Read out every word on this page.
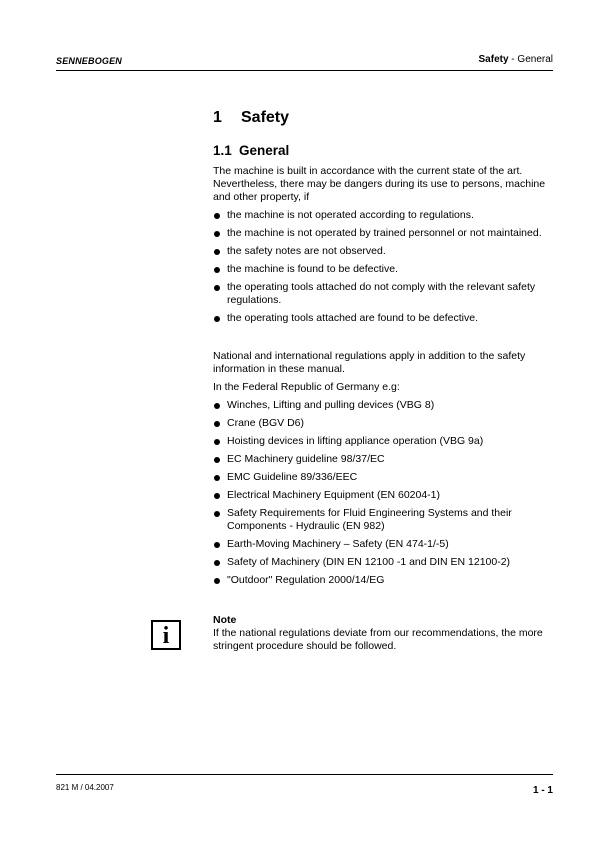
SENNEBOGEN	Safety - General
1 Safety
1.1 General

The machine is built in accordance with the current state of the art. Nevertheless, there may be dangers during its use to persons, machine and other property, if

the machine is not operated according to regulations.
the machine is not operated by trained personnel or not maintained.
the safety notes are not observed.
the machine is found to be defective.
the operating tools attached do not comply with the relevant safety regulations.
the operating tools attached are found to be defective.

National and international regulations apply in addition to the safety information in these manual.

In the Federal Republic of Germany e.g:

Winches, Lifting and pulling devices (VBG 8)
Crane (BGV D6)
Hoisting devices in lifting appliance operation (VBG 9a)
EC Machinery guideline 98/37/EC
EMC Guideline 89/336/EEC
Electrical Machinery Equipment (EN 60204-1)
Safety Requirements for Fluid Engineering Systems and their Components - Hydraulic (EN 982)
Earth-Moving Machinery – Safety (EN 474-1/-5)
Safety of Machinery (DIN EN 12100 -1 and DIN EN 12100-2)
"Outdoor" Regulation 2000/14/EG
i

Note

If the national regulations deviate from our recommendations, the more stringent procedure should be followed.

821 M / 04.2007	1 - 1
